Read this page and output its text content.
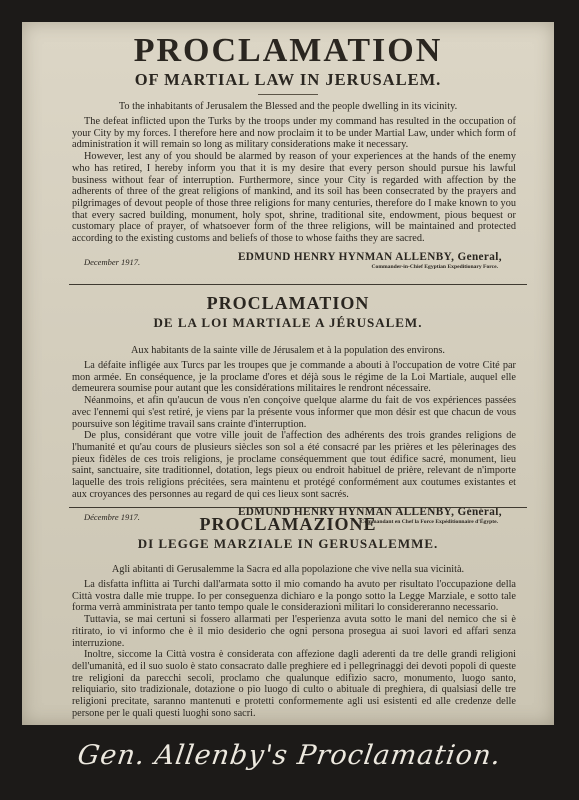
PROCLAMATION
OF MARTIAL LAW IN JERUSALEM.
To the inhabitants of Jerusalem the Blessed and the people dwelling in its vicinity.

The defeat inflicted upon the Turks by the troops under my command has resulted in the occupation of your City by my forces. I therefore here and now proclaim it to be under Martial Law, under which form of administration it will remain so long as military considerations make it necessary.

However, lest any of you should be alarmed by reason of your experiences at the hands of the enemy who has retired, I hereby inform you that it is my desire that every person should pursue his lawful business without fear of interruption. Furthermore, since your City is regarded with affection by the adherents of three of the great religions of mankind, and its soil has been consecrated by the prayers and pilgrimages of devout people of those three religions for many centuries, therefore do I make known to you that every sacred building, monument, holy spot, shrine, traditional site, endowment, pious bequest or customary place of prayer, of whatsoever form of the three religions, will be maintained and protected according to the existing customs and beliefs of those to whose faiths they are sacred.

December 1917.	EDMUND HENRY HYNMAN ALLENBY, General,
Commander-in-Chief Egyptian Expeditionary Force.
PROCLAMATION
DE LA LOI MARTIALE A JÉRUSALEM.
Aux habitants de la sainte ville de Jérusalem et à la population des environs.

La défaite infligée aux Turcs par les troupes que je commande a abouti à l'occupation de votre Cité par mon armée. En conséquence, je la proclame d'ores et déjà sous le régime de la Loi Martiale, auquel elle demeurera soumise pour autant que les considérations militaires le rendront nécessaire.

Néanmoins, et afin qu'aucun de vous n'en conçoive quelque alarme du fait de vos expériences passées avec l'ennemi qui s'est retiré, je viens par la présente vous informer que mon désir est que chacun de vous poursuive son légitime travail sans crainte d'interruption.

De plus, considérant que votre ville jouit de l'affection des adhérents des trois grandes religions de l'humanité et qu'au cours de plusieurs siècles son sol a été consacré par les prières et les pèlerinages des pieux fidèles de ces trois religions, je proclame conséquemment que tout édifice sacré, monument, lieu saint, sanctuaire, site traditionnel, dotation, legs pieux ou endroit habituel de prière, relevant de n'importe laquelle des trois religions précitées, sera maintenu et protégé conformément aux coutumes existantes et aux croyances des personnes au regard de qui ces lieux sont sacrés.

Décembre 1917.	EDMUND HENRY HYNMAN ALLENBY, Général,
Commandant en Chef la Force Expéditionnaire d'Égypte.
PROCLAMAZIONE
DI LEGGE MARZIALE IN GERUSALEMME.
Agli abitanti di Gerusalemme la Sacra ed alla popolazione che vive nella sua vicinità.

La disfatta inflitta ai Turchi dall'armata sotto il mio comando ha avuto per risultato l'occupazione della Città vostra dalle mie truppe. Io per conseguenza dichiaro e la pongo sotto la Legge Marziale, e sotto tale forma verrà amministrata per tanto tempo quale le considerazioni militari lo considereranno necessario.

Tuttavia, se mai certuni si fossero allarmati per l'esperienza avuta sotto le mani del nemico che si è ritirato, io vi informo che è il mio desiderio che ogni persona prosegua ai suoi lavori ed affari senza interruzione.

Inoltre, siccome la Città vostra è considerata con affezione dagli aderenti da tre delle grandi religioni dell'umanità, ed il suo suolo è stato consacrato dalle preghiere ed i pellegrinaggi dei devoti popoli di queste tre religioni da parecchi secoli, proclamo che qualunque edifizio sacro, monumento, luogo santo, reliquiario, sito tradizionale, dotazione o pio luogo di culto o abituale di preghiera, di qualsiasi delle tre religioni precitate, saranno mantenuti e protetti conformemente agli usi esistenti ed alle credenze delle persone per le quali questi luoghi sono sacri.

Gen. Allenby's Proclamation.
